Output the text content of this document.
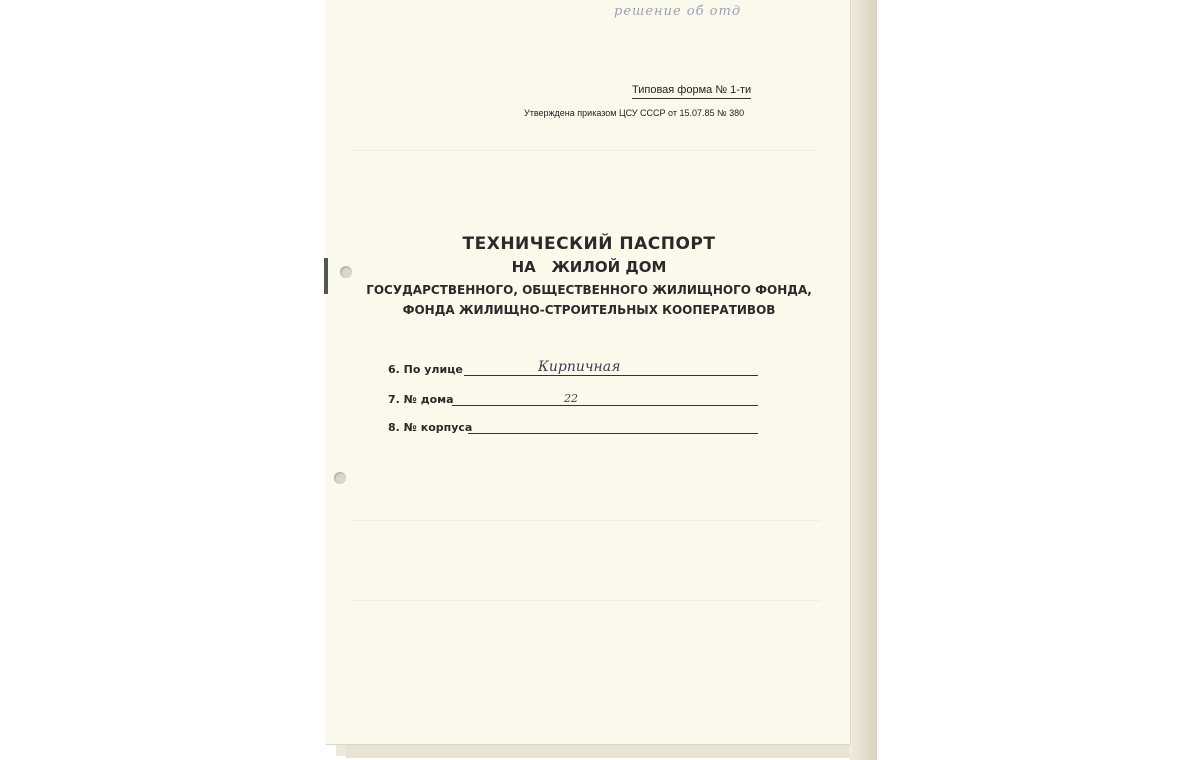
решение об отд
Типовая форма № 1-ти
Утверждена приказом ЦСУ СССР от 15.07.85 № 380
ТЕХНИЧЕСКИЙ ПАСПОРТ
НА   ЖИЛОЙ ДОМ
ГОСУДАРСТВЕННОГО, ОБЩЕСТВЕННОГО ЖИЛИЩНОГО ФОНДА,
ФОНДА ЖИЛИЩНО-СТРОИТЕЛЬНЫХ КООПЕРАТИВОВ
6. По улице	Кирпичная
7. № дома	22
8. № корпуса
